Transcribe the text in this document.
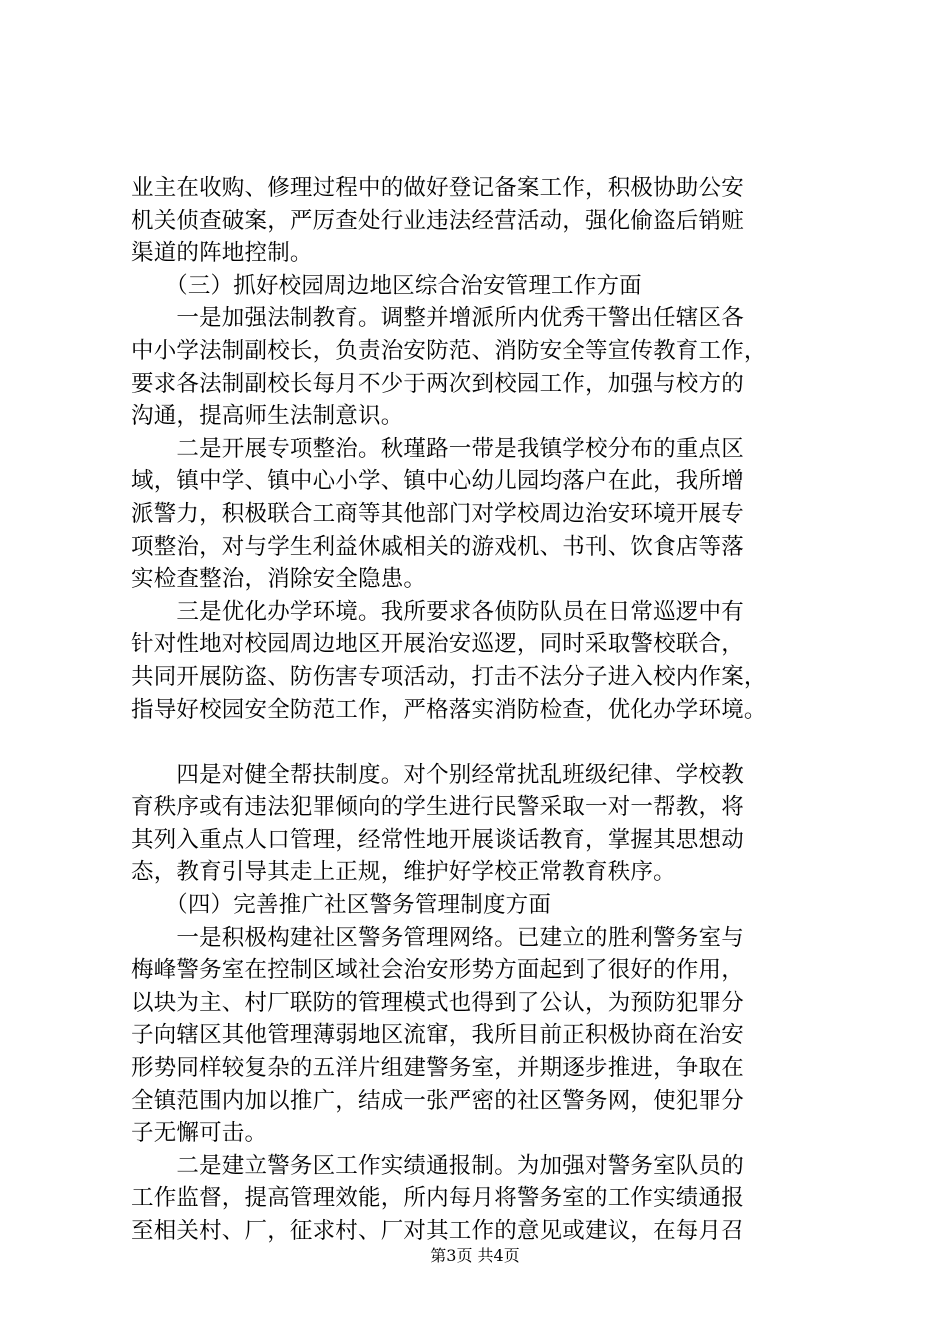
业主在收购、修理过程中的做好登记备案工作，积极协助公安
机关侦查破案，严厉查处行业违法经营活动，强化偷盗后销赃
渠道的阵地控制。
　　（三）抓好校园周边地区综合治安管理工作方面
　　一是加强法制教育。调整并增派所内优秀干警出任辖区各
中小学法制副校长，负责治安防范、消防安全等宣传教育工作，
要求各法制副校长每月不少于两次到校园工作，加强与校方的
沟通，提高师生法制意识。
　　二是开展专项整治。秋瑾路一带是我镇学校分布的重点区
域，镇中学、镇中心小学、镇中心幼儿园均落户在此，我所增
派警力，积极联合工商等其他部门对学校周边治安环境开展专
项整治，对与学生利益休戚相关的游戏机、书刊、饮食店等落
实检查整治，消除安全隐患。
　　三是优化办学环境。我所要求各侦防队员在日常巡逻中有
针对性地对校园周边地区开展治安巡逻，同时采取警校联合，
共同开展防盗、防伤害专项活动，打击不法分子进入校内作案，
指导好校园安全防范工作，严格落实消防检查，优化办学环境。
　　四是对健全帮扶制度。对个别经常扰乱班级纪律、学校教
育秩序或有违法犯罪倾向的学生进行民警采取一对一帮教，将
其列入重点人口管理，经常性地开展谈话教育，掌握其思想动
态，教育引导其走上正规，维护好学校正常教育秩序。
　　（四）完善推广社区警务管理制度方面
　　一是积极构建社区警务管理网络。已建立的胜利警务室与
梅峰警务室在控制区域社会治安形势方面起到了很好的作用，
以块为主、村厂联防的管理模式也得到了公认，为预防犯罪分
子向辖区其他管理薄弱地区流窜，我所目前正积极协商在治安
形势同样较复杂的五洋片组建警务室，并期逐步推进，争取在
全镇范围内加以推广，结成一张严密的社区警务网，使犯罪分
子无懈可击。
　　二是建立警务区工作实绩通报制。为加强对警务室队员的
工作监督，提高管理效能，所内每月将警务室的工作实绩通报
至相关村、厂，征求村、厂对其工作的意见或建议，在每月召
第3页 共4页
